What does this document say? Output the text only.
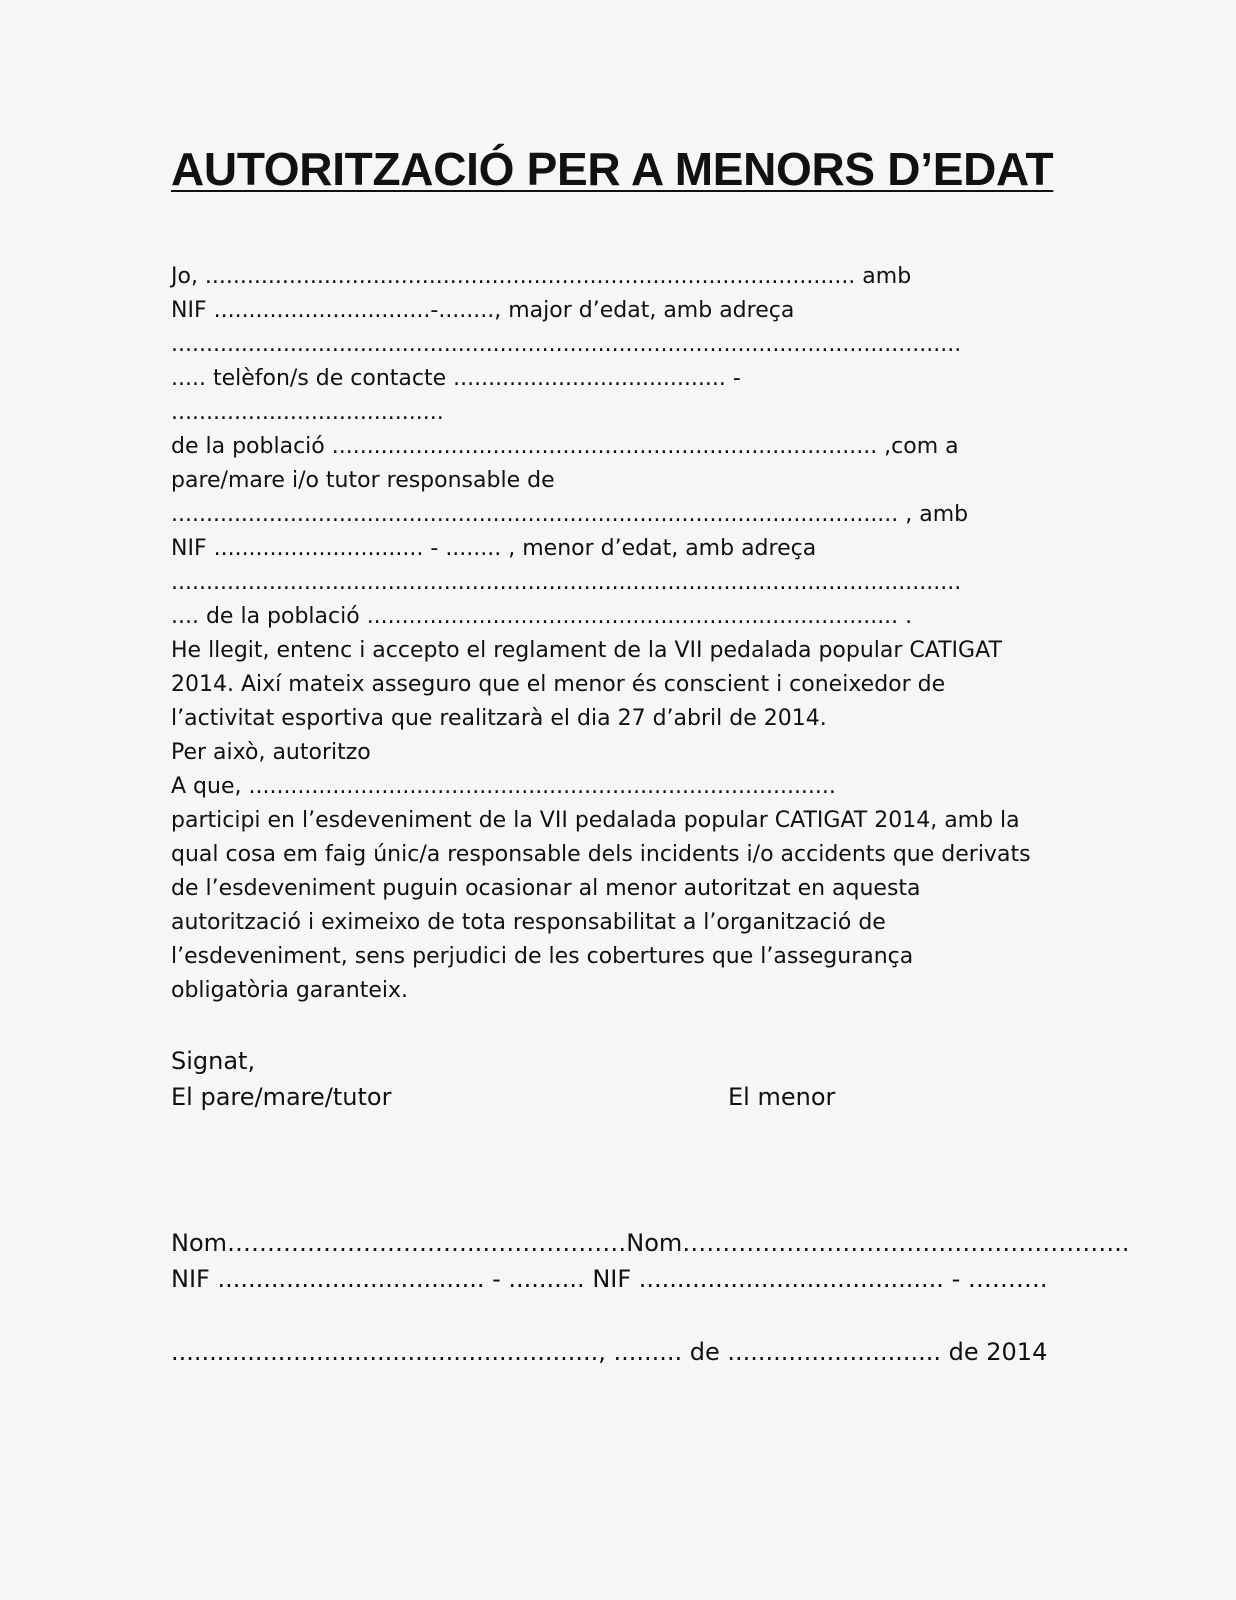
AUTORITZACIÓ PER A MENORS D’EDAT
Jo, ............................................................................................. amb
NIF ...............................-........, major d’edat, amb adreça
.................................................................................................................
..... telèfon/s de contacte ....................................... -
.......................................
de la població .............................................................................. ,com a
pare/mare i/o tutor responsable de
........................................................................................................ , amb
NIF .............................. - ........ , menor d’edat, amb adreça
.................................................................................................................
.... de la població ............................................................................ .
He llegit, entenc i accepto el reglament de la VII pedalada popular CATIGAT
2014. Així mateix asseguro que el menor és conscient i coneixedor de
l’activitat esportiva que realitzarà el dia 27 d’abril de 2014.
Per això, autoritzo
A que, ....................................................................................
participi en l’esdeveniment de la VII pedalada popular CATIGAT 2014, amb la
qual cosa em faig únic/a responsable dels incidents i/o accidents que derivats
de l’esdeveniment puguin ocasionar al menor autoritzat en aquesta
autorització i eximeixo de tota responsabilitat a l’organització de
l’esdeveniment, sens perjudici de les cobertures que l’assegurança
obligatòria garanteix.
Signat,
El pare/mare/tutor	El menor
Nom…………………………..………………Nom………………………………………………..
NIF ................................... - .......... NIF ........................................ - ……….
........................................................, ......... de ............................ de 2014
